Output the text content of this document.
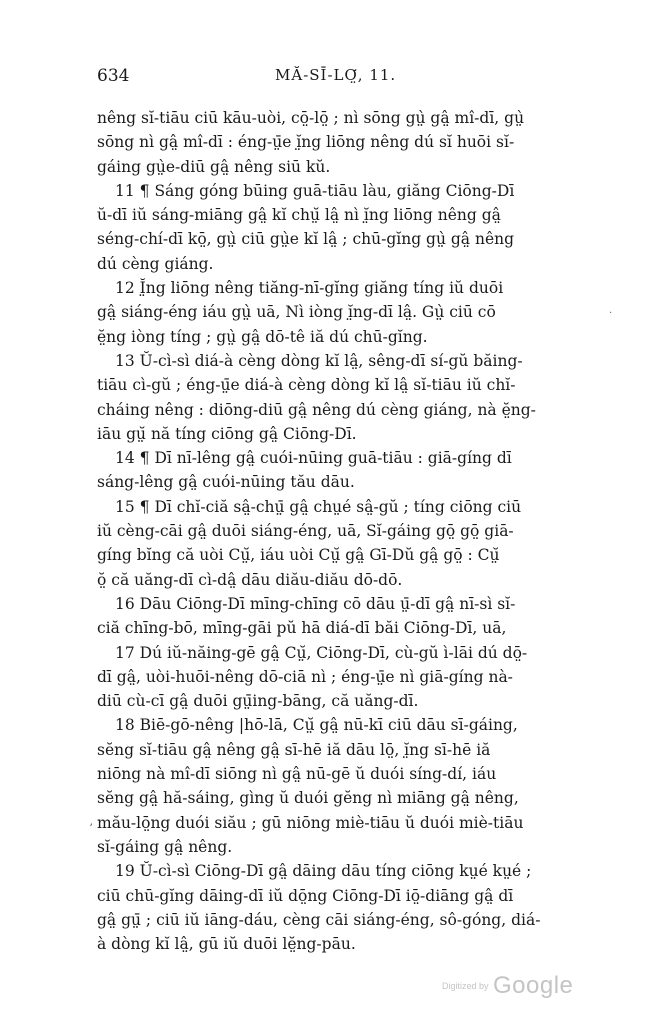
634	MĂ-SĪ-LƠ̤, 11.
nêng sĭ-tiāu ciū kāu-uòi, cō̤-lō̤ ; nì sōng gṳ̀ gâ̤ mî-dī, gṳ̀
sōng nì gâ̤ mî-dī : éng-ṳ̄e ĭ̤ng liōng nêng dú sĭ huōi sĭ-
gáing gṳ̀e-diū gâ̤ nêng siū kŭ.
11 ¶ Sáng góng būing guā-tiāu làu, giăng Ciōng-Dī
ŭ-dī iŭ sáng-miāng gâ̤ kĭ chṳ̆ lâ̤ nì ĭ̤ng liōng nêng gâ̤
séng-chí-dī kō̤, gṳ̀ ciū gṳ̀e kĭ lâ̤ ; chū-gĭng gṳ̀ gâ̤ nêng
dú cèng giáng.
12 Ĭ̤ng liōng nêng tiăng-nī-gĭng giăng tíng iŭ duōi
gâ̤ siáng-éng iáu gṳ̀ uā, Nì iòng ĭ̤ng-dī lâ̤. Gṳ̀ ciū cō
ĕ̤ng iòng tíng ; gṳ̀ gâ̤ dō-tê iă dú chū-gĭng.
13 Ŭ-cì-sì diá-à cèng dòng kĭ lâ̤, sêng-dī sí-gŭ băing-
tiāu cì-gŭ ; éng-ṳ̄e diá-à cèng dòng kĭ lâ̤ sĭ-tiāu iŭ chĭ-
cháing nêng : diōng-diū gâ̤ nêng dú cèng giáng, nà ĕ̤ng-
iāu gṳ̆ nă tíng ciōng gâ̤ Ciōng-Dī.
14 ¶ Dī nī-lêng gâ̤ cuói-nūing guā-tiāu : giā-gíng dī
sáng-lêng gâ̤ cuói-nūing tău dāu.
15 ¶ Dī chĭ-ciă sâ̤-chṳ̄ gâ̤ chṳé sâ̤-gŭ ; tíng ciōng ciū
iŭ cèng-cāi gâ̤ duōi siáng-éng, uā, Sĭ-gáing gō̤ gō̤ giā-
gíng bĭng că uòi Cṳ̆, iáu uòi Cṳ̆ gâ̤ Gī-Dŭ gâ̤ gō̤ : Cṳ̆
ŏ̤ că uăng-dī cì-dâ̤ dāu diău-diău dō-dō.
16 Dāu Ciōng-Dī mīng-chīng cō dāu ṳ̄-dī gâ̤ nī-sì sĭ-
ciă chīng-bō, mīng-gāi pŭ hā diá-dī băi Ciōng-Dī, uā,
17 Dú iŭ-năing-gē gâ̤ Cṳ̆, Ciōng-Dī, cù-gŭ ì-lāi dú dō̤-
dī gâ̤, uòi-huōi-nêng dō-ciā nì ; éng-ṳ̄e nì giā-gíng nà-
diū cù-cī gâ̤ duōi gṳ̄ing-bāng, că uăng-dī.
18 Biē-gō-nêng |hō-lā, Cṳ̆ gâ̤ nū-kī ciū dāu sī-gáing,
sĕng sĭ-tiāu gâ̤ nêng gâ̤ sī-hē iă dāu lō̤, ĭ̤ng sī-hē iă
niōng nà mî-dī siōng nì gâ̤ nū-gē ŭ duói síng-dí, iáu
sĕng gâ̤ hă-sáing, gìng ŭ duói gĕng nì miāng gâ̤ nêng,
mău-lō̤ng duói siău ; gū niōng miè-tiāu ŭ duói miè-tiāu
sĭ-gáing gâ̤ nêng.
19 Ŭ-cì-sì Ciōng-Dī gâ̤ dāing dāu tíng ciōng kṳé kṳé ;
ciū chū-gĭng dāing-dī iŭ dō̤ng Ciōng-Dī iō̤-diāng gâ̤ dī
gâ̤ gṳ̄ ; ciū iŭ iāng-dáu, cèng cāi siáng-éng, sô-góng, diá-
à dòng kĭ lâ̤, gū iŭ duōi lĕ̤ng-pāu.
·
ʼ
Digitized by Google
